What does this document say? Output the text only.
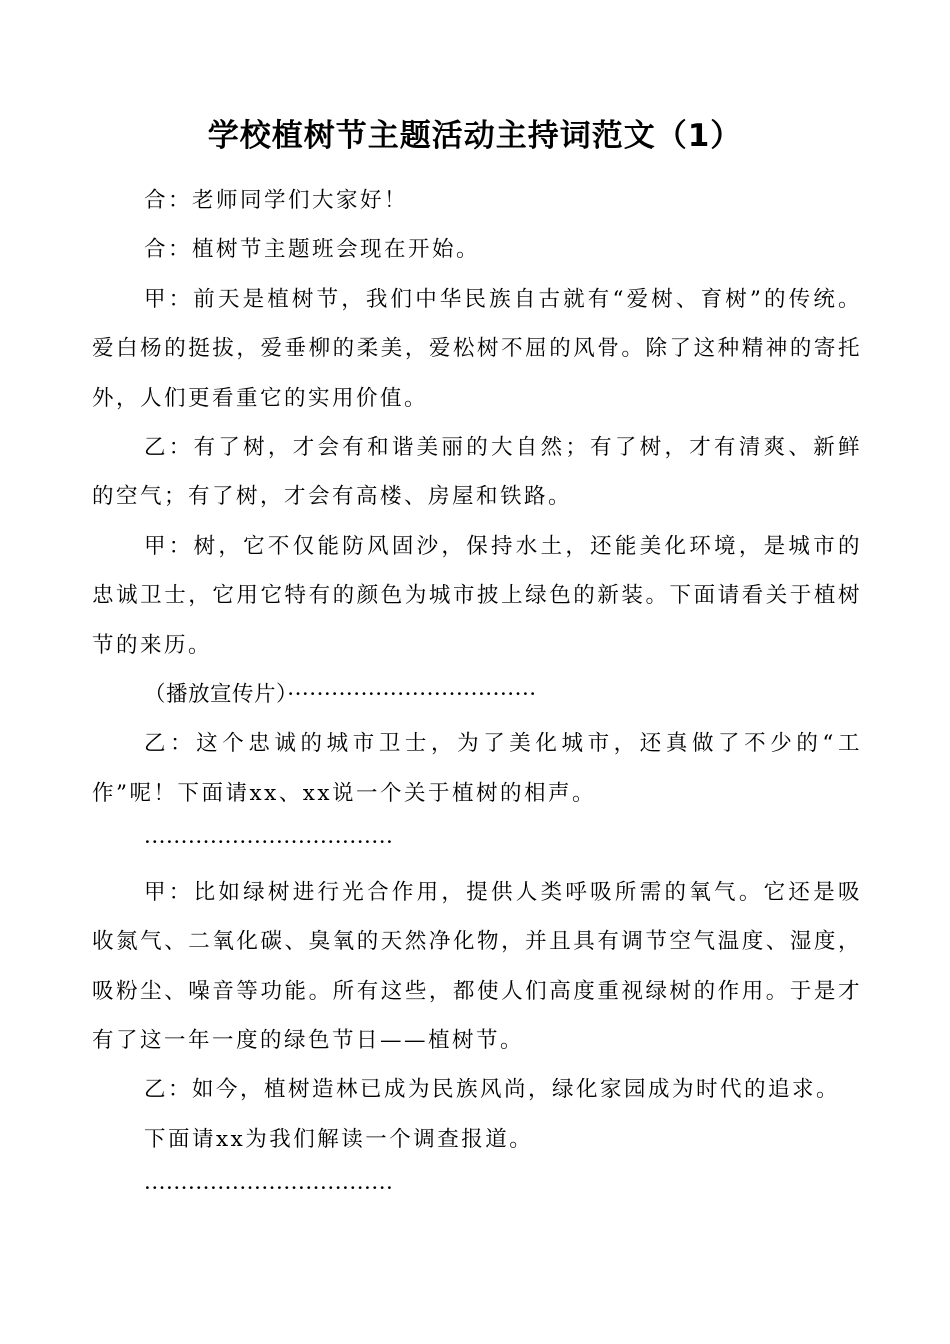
学校植树节主题活动主持词范文（1）

合：老师同学们大家好！

合：植树节主题班会现在开始。

甲：前天是植树节，我们中华民族自古就有“爱树、育树”的传统。爱白杨的挺拔，爱垂柳的柔美，爱松树不屈的风骨。除了这种精神的寄托外，人们更看重它的实用价值。

乙：有了树，才会有和谐美丽的大自然；有了树，才有清爽、新鲜的空气；有了树，才会有高楼、房屋和铁路。

甲：树，它不仅能防风固沙，保持水土，还能美化环境，是城市的忠诚卫士，它用它特有的颜色为城市披上绿色的新装。下面请看关于植树节的来历。

（播放宣传片）··································

乙：这个忠诚的城市卫士，为了美化城市，还真做了不少的“工作”呢！下面请xx、xx说一个关于植树的相声。

··································

甲：比如绿树进行光合作用，提供人类呼吸所需的氧气。它还是吸收氮气、二氧化碳、臭氧的天然净化物，并且具有调节空气温度、湿度，吸粉尘、噪音等功能。所有这些，都使人们高度重视绿树的作用。于是才有了这一年一度的绿色节日——植树节。

乙：如今，植树造林已成为民族风尚，绿化家园成为时代的追求。

下面请xx为我们解读一个调查报道。

··································
